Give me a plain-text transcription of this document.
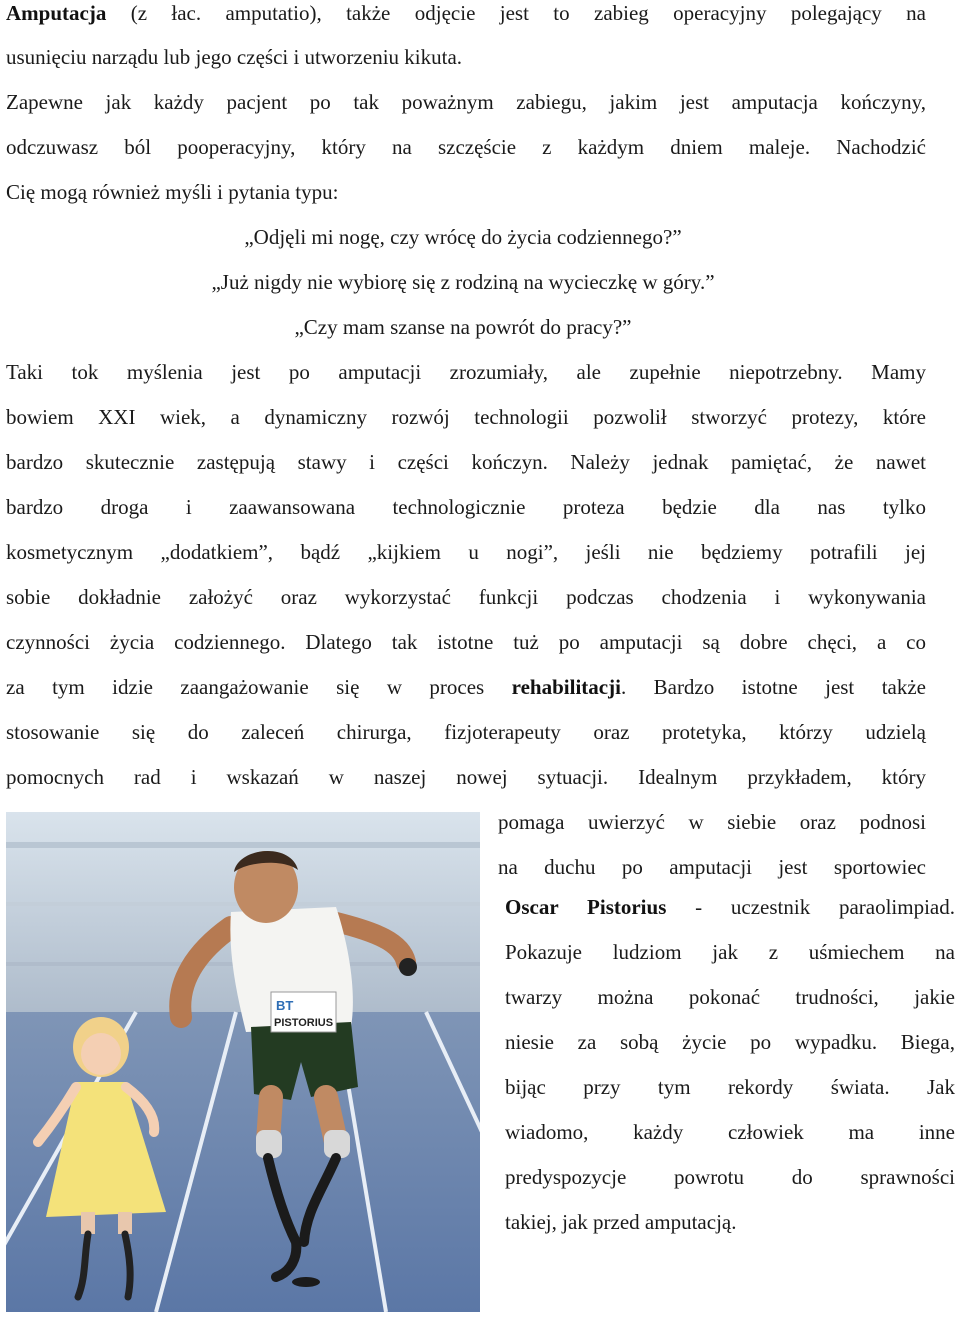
Amputacja (z łac. amputatio), także odjęcie jest to zabieg operacyjny polegający na
usunięciu narządu lub jego części i utworzeniu kikuta.
Zapewne jak każdy pacjent po tak poważnym zabiegu, jakim jest amputacja kończyny,
odczuwasz ból pooperacyjny, który na szczęście z każdym dniem maleje. Nachodzić
Cię mogą również myśli i pytania typu:
„Odjęli mi nogę, czy wrócę do życia codziennego?”
„Już nigdy nie wybiorę się z rodziną na wycieczkę w góry.”
„Czy mam szanse na powrót do pracy?”
Taki tok myślenia jest po amputacji zrozumiały, ale zupełnie niepotrzebny. Mamy
bowiem XXI wiek, a dynamiczny rozwój technologii pozwolił stworzyć protezy, które
bardzo skutecznie zastępują stawy i części kończyn. Należy jednak pamiętać, że nawet
bardzo droga i zaawansowana technologicznie proteza będzie dla nas tylko
kosmetycznym „dodatkiem”, bądź „kijkiem u nogi”, jeśli nie będziemy potrafili jej
sobie dokładnie założyć oraz wykorzystać funkcji podczas chodzenia i wykonywania
czynności życia codziennego. Dlatego tak istotne tuż po amputacji są dobre chęci, a co
za tym idzie zaangażowanie się w proces rehabilitacji. Bardzo istotne jest także
stosowanie się do zaleceń chirurga, fizjoterapeuty oraz protetyka, którzy udzielą
pomocnych rad i wskazań w naszej nowej sytuacji. Idealnym przykładem, który
pomaga uwierzyć w siebie oraz podnosi
na duchu po amputacji jest sportowiec
Oscar Pistorius - uczestnik paraolimpiad.
Pokazuje ludziom jak z uśmiechem na
twarzy można pokonać trudności, jakie
niesie za sobą życie po wypadku. Biega,
bijąc przy tym rekordy świata. Jak
wiadomo, każdy człowiek ma inne
predyspozycje powrotu do sprawności
takiej, jak przed amputacją.
BT
PISTORIUS
